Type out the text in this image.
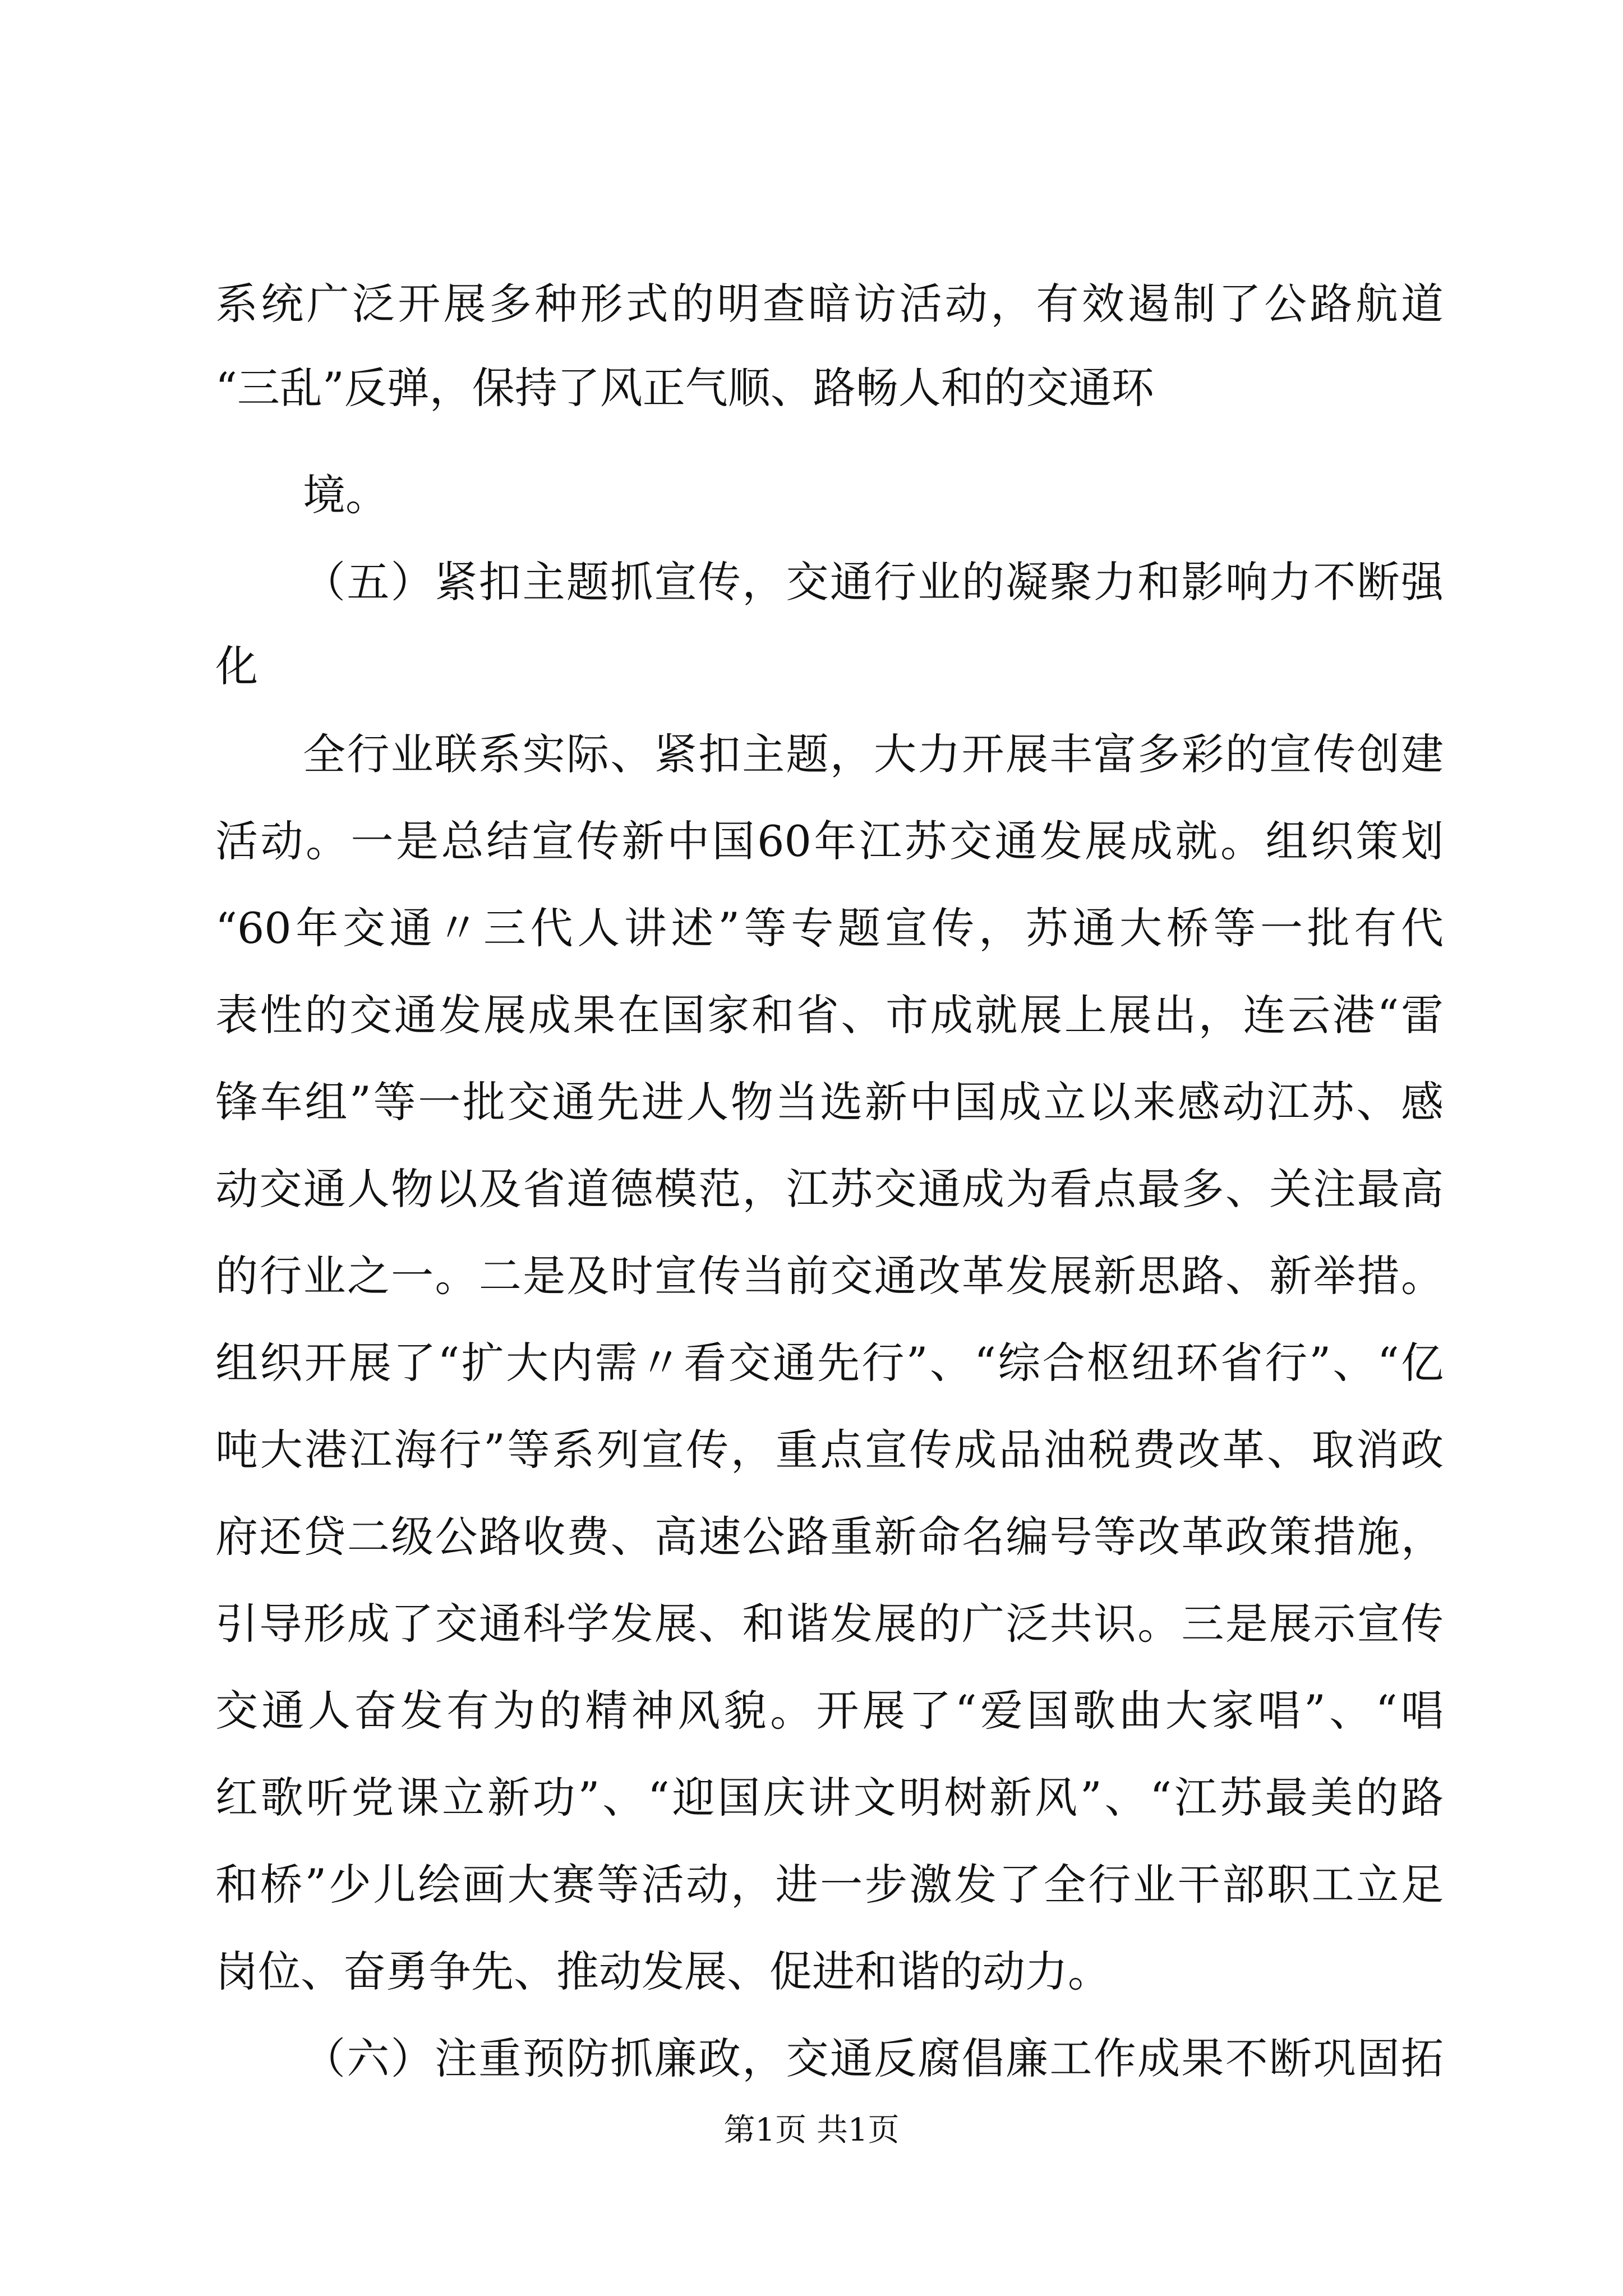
系统广泛开展多种形式的明查暗访活动，有效遏制了公路航道
“三乱”反弹，保持了风正气顺、路畅人和的交通环
境。
（五）紧扣主题抓宣传，交通行业的凝聚力和影响力不断强
化
全行业联系实际、紧扣主题，大力开展丰富多彩的宣传创建
活动。一是总结宣传新中国60年江苏交通发展成就。组织策划
“60年交通〃三代人讲述”等专题宣传，苏通大桥等一批有代
表性的交通发展成果在国家和省、市成就展上展出，连云港“雷
锋车组”等一批交通先进人物当选新中国成立以来感动江苏、感
动交通人物以及省道德模范，江苏交通成为看点最多、关注最高
的行业之一。二是及时宣传当前交通改革发展新思路、新举措。
组织开展了“扩大内需〃看交通先行”、“综合枢纽环省行”、“亿
吨大港江海行”等系列宣传，重点宣传成品油税费改革、取消政
府还贷二级公路收费、高速公路重新命名编号等改革政策措施，
引导形成了交通科学发展、和谐发展的广泛共识。三是展示宣传
交通人奋发有为的精神风貌。开展了“爱国歌曲大家唱”、“唱
红歌听党课立新功”、“迎国庆讲文明树新风”、“江苏最美的路
和桥”少儿绘画大赛等活动，进一步激发了全行业干部职工立足
岗位、奋勇争先、推动发展、促进和谐的动力。
（六）注重预防抓廉政，交通反腐倡廉工作成果不断巩固拓
第1页 共1页
